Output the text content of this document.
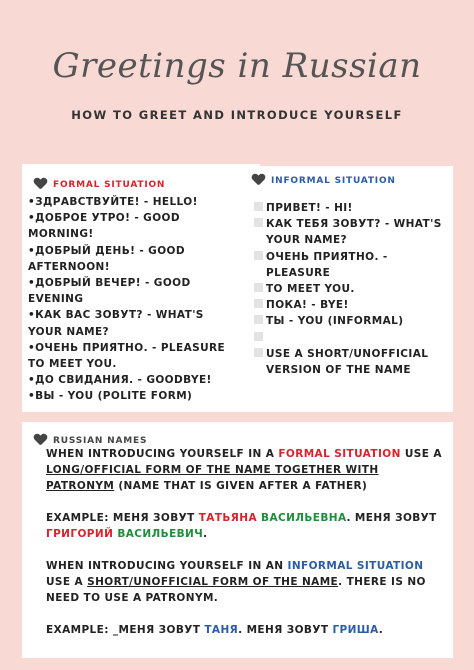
Greetings in Russian
HOW TO GREET AND INTRODUCE YOURSELF
FORMAL SITUATION
•ЗДРАВСТВУЙТЕ! - HELLO!
•ДОБРОЕ УТРО! - GOOD MORNING!
•ДОБРЫЙ ДЕНЬ! - GOOD AFTERNOON!
•ДОБРЫЙ ВЕЧЕР! - GOOD EVENING
•КАК ВАС ЗОВУТ? - WHAT'S YOUR NAME?
•ОЧЕНЬ ПРИЯТНО. - PLEASURE TO MEET YOU.
•ДО СВИДАНИЯ. - GOODBYE!
•ВЫ - YOU (POLITE FORM)
INFORMAL SITUATION
ПРИВЕТ! - HI!
КАК ТЕБЯ ЗОВУТ? - WHAT'S YOUR NAME?
ОЧЕНЬ ПРИЯТНО. - PLEASURE
TO MEET YOU.
ПОКА! - BYE!
ТЫ - YOU (INFORMAL)
USE A SHORT/UNOFFICIAL VERSION OF THE NAME
RUSSIAN NAMES

WHEN INTRODUCING YOURSELF IN A FORMAL SITUATION USE A LONG/OFFICIAL FORM OF THE NAME TOGETHER WITH PATRONYM (NAME THAT IS GIVEN AFTER A FATHER)

EXAMPLE: МЕНЯ ЗОВУТ ТАТЬЯНА ВАСИЛЬЕВНА. МЕНЯ ЗОВУТ ГРИГОРИЙ ВАСИЛЬЕВИЧ.

WHEN INTRODUCING YOURSELF IN AN INFORMAL SITUATION USE A SHORT/UNOFFICIAL FORM OF THE NAME. THERE IS NO NEED TO USE A PATRONYM.

EXAMPLE: _МЕНЯ ЗОВУТ ТАНЯ. МЕНЯ ЗОВУТ ГРИША.
